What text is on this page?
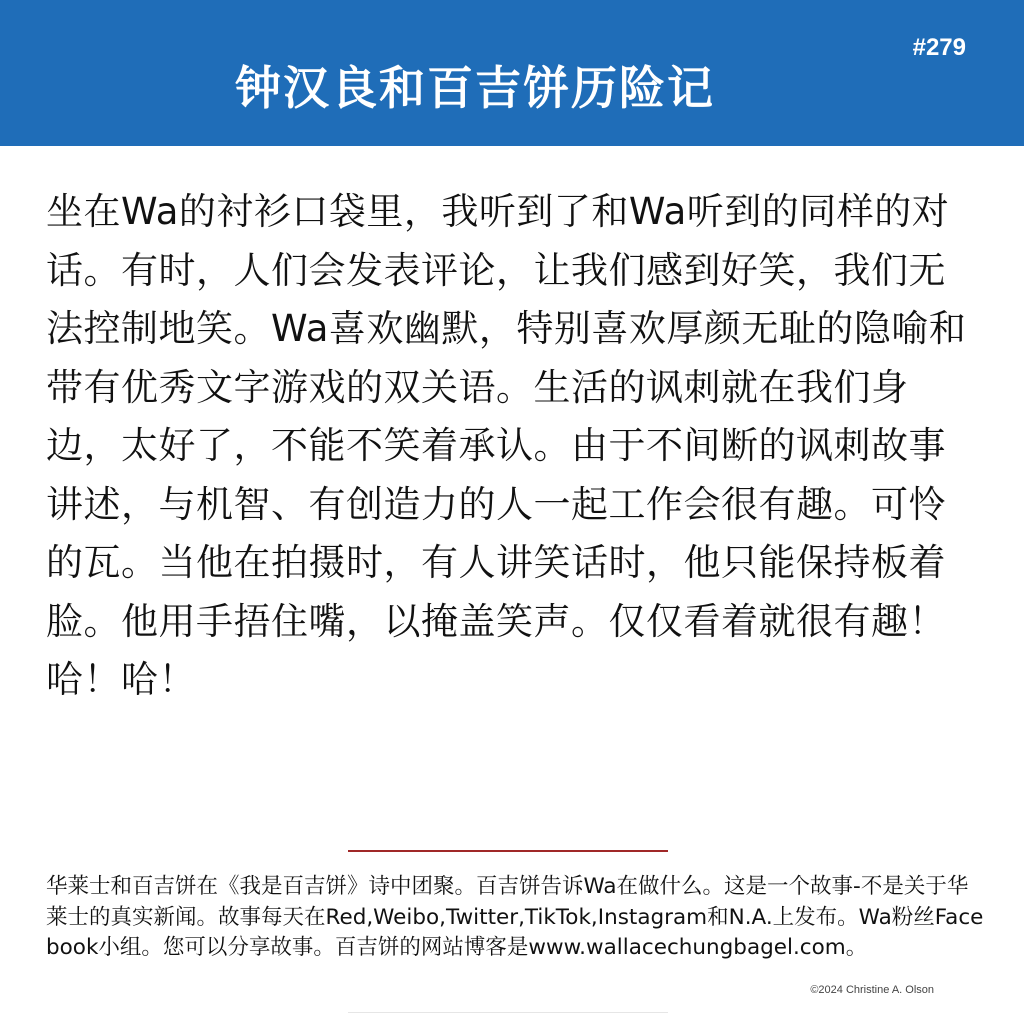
#279
钟汉良和百吉饼历险记

坐在Wa的衬衫口袋里，我听到了和Wa听到的同样的对话。有时，人们会发表评论，让我们感到好笑，我们无法控制地笑。Wa喜欢幽默，特别喜欢厚颜无耻的隐喻和带有优秀文字游戏的双关语。生活的讽刺就在我们身边，太好了，不能不笑着承认。由于不间断的讽刺故事讲述，与机智、有创造力的人一起工作会很有趣。可怜的瓦。当他在拍摄时，有人讲笑话时，他只能保持板着脸。他用手捂住嘴，以掩盖笑声。仅仅看着就很有趣！哈！哈！

华莱士和百吉饼在《我是百吉饼》诗中团聚。百吉饼告诉Wa在做什么。这是一个故事-不是关于华莱士的真实新闻。故事每天在Red,Weibo,Twitter,TikTok,Instagram和N.A.上发布。Wa粉丝Facebook小组。您可以分享故事。百吉饼的网站博客是www.wallacechungbagel.com。

©2024 Christine A. Olson
